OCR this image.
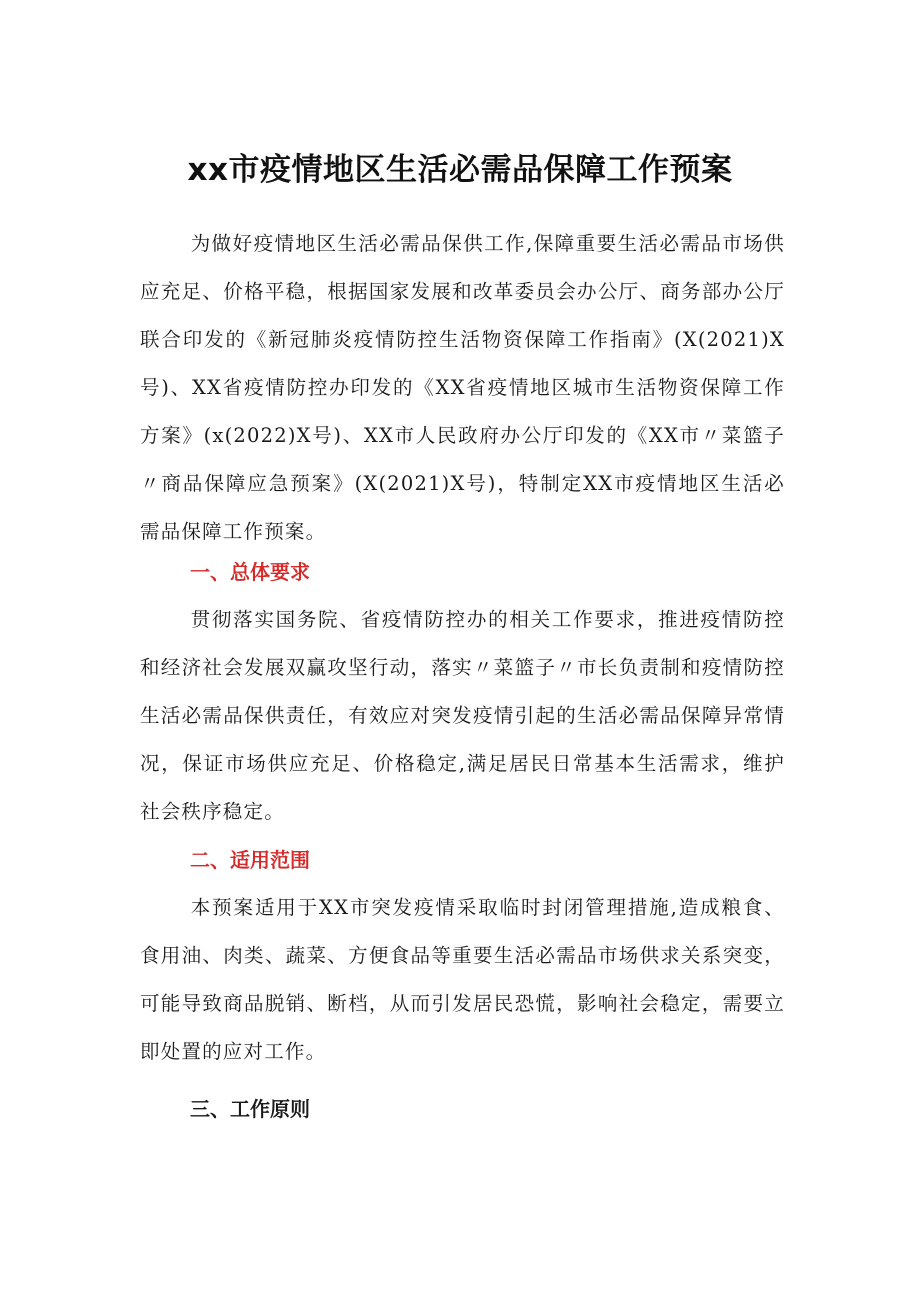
xx市疫情地区生活必需品保障工作预案

为做好疫情地区生活必需品保供工作,保障重要生活必需品市场供应充足、价格平稳，根据国家发展和改革委员会办公厅、商务部办公厅联合印发的《新冠肺炎疫情防控生活物资保障工作指南》(X(2021)X号)、XX省疫情防控办印发的《XX省疫情地区城市生活物资保障工作方案》(x(2022)X号)、XX市人民政府办公厅印发的《XX市〃菜篮子〃商品保障应急预案》(X(2021)X号)，特制定XX市疫情地区生活必需品保障工作预案。

一、总体要求

贯彻落实国务院、省疫情防控办的相关工作要求，推进疫情防控和经济社会发展双赢攻坚行动，落实〃菜篮子〃市长负责制和疫情防控生活必需品保供责任，有效应对突发疫情引起的生活必需品保障异常情况，保证市场供应充足、价格稳定,满足居民日常基本生活需求，维护社会秩序稳定。

二、适用范围

本预案适用于XX市突发疫情采取临时封闭管理措施,造成粮食、食用油、肉类、蔬菜、方便食品等重要生活必需品市场供求关系突变，可能导致商品脱销、断档，从而引发居民恐慌，影响社会稳定，需要立即处置的应对工作。

三、工作原则
